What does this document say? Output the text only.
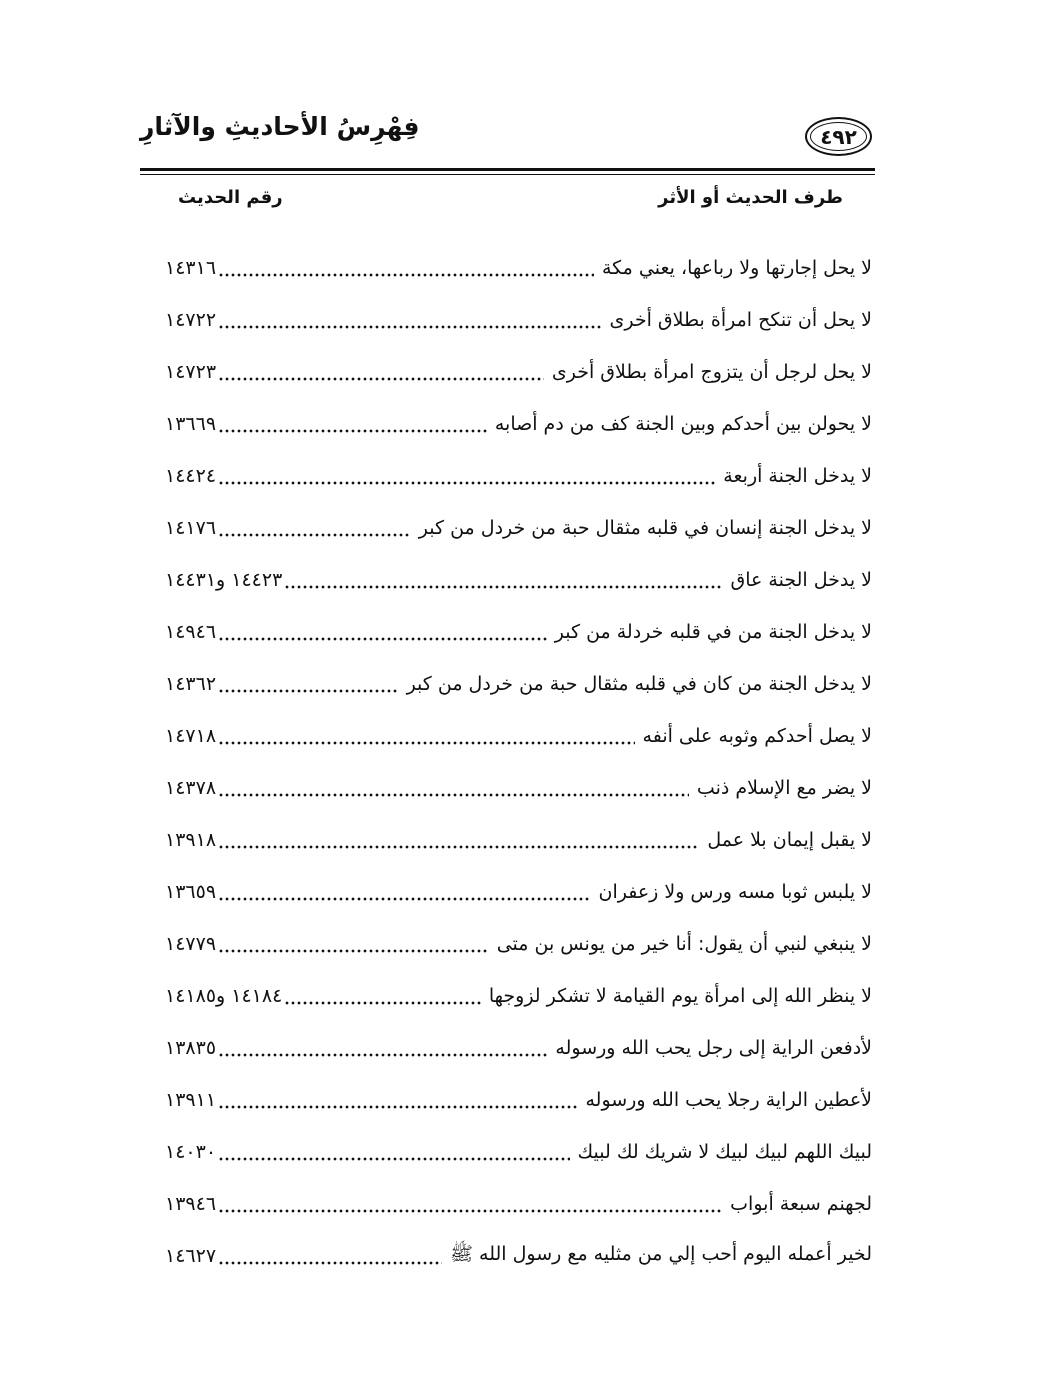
فِهْرِسُ الأحاديثِ والآثارِ	٤٩٢
طرف الحديث أو الأثر
رقم الحديث
لا يحل إجارتها ولا رباعها، يعني مكة
١٤٣١٦
لا يحل أن تنكح امرأة بطلاق أخرى
١٤٧٢٢
لا يحل لرجل أن يتزوج امرأة بطلاق أخرى
١٤٧٢٣
لا يحولن بين أحدكم وبين الجنة كف من دم أصابه
١٣٦٦٩
لا يدخل الجنة أربعة
١٤٤٢٤
لا يدخل الجنة إنسان في قلبه مثقال حبة من خردل من كبر
١٤١٧٦
لا يدخل الجنة عاق
١٤٤٢٣ و١٤٤٣١
لا يدخل الجنة من في قلبه خردلة من كبر
١٤٩٤٦
لا يدخل الجنة من كان في قلبه مثقال حبة من خردل من كبر
١٤٣٦٢
لا يصل أحدكم وثوبه على أنفه
١٤٧١٨
لا يضر مع الإسلام ذنب
١٤٣٧٨
لا يقبل إيمان بلا عمل
١٣٩١٨
لا يلبس ثوبا مسه ورس ولا زعفران
١٣٦٥٩
لا ينبغي لنبي أن يقول: أنا خير من يونس بن متى
١٤٧٧٩
لا ينظر الله إلى امرأة يوم القيامة لا تشكر لزوجها
١٤١٨٤ و١٤١٨٥
لأدفعن الراية إلى رجل يحب الله ورسوله
١٣٨٣٥
لأعطين الراية رجلا يحب الله ورسوله
١٣٩١١
لبيك اللهم لبيك لبيك لا شريك لك لبيك
١٤٠٣٠
لجهنم سبعة أبواب
١٣٩٤٦
لخير أعمله اليوم أحب إلي من مثليه مع رسول الله ﷺ
١٤٦٢٧
